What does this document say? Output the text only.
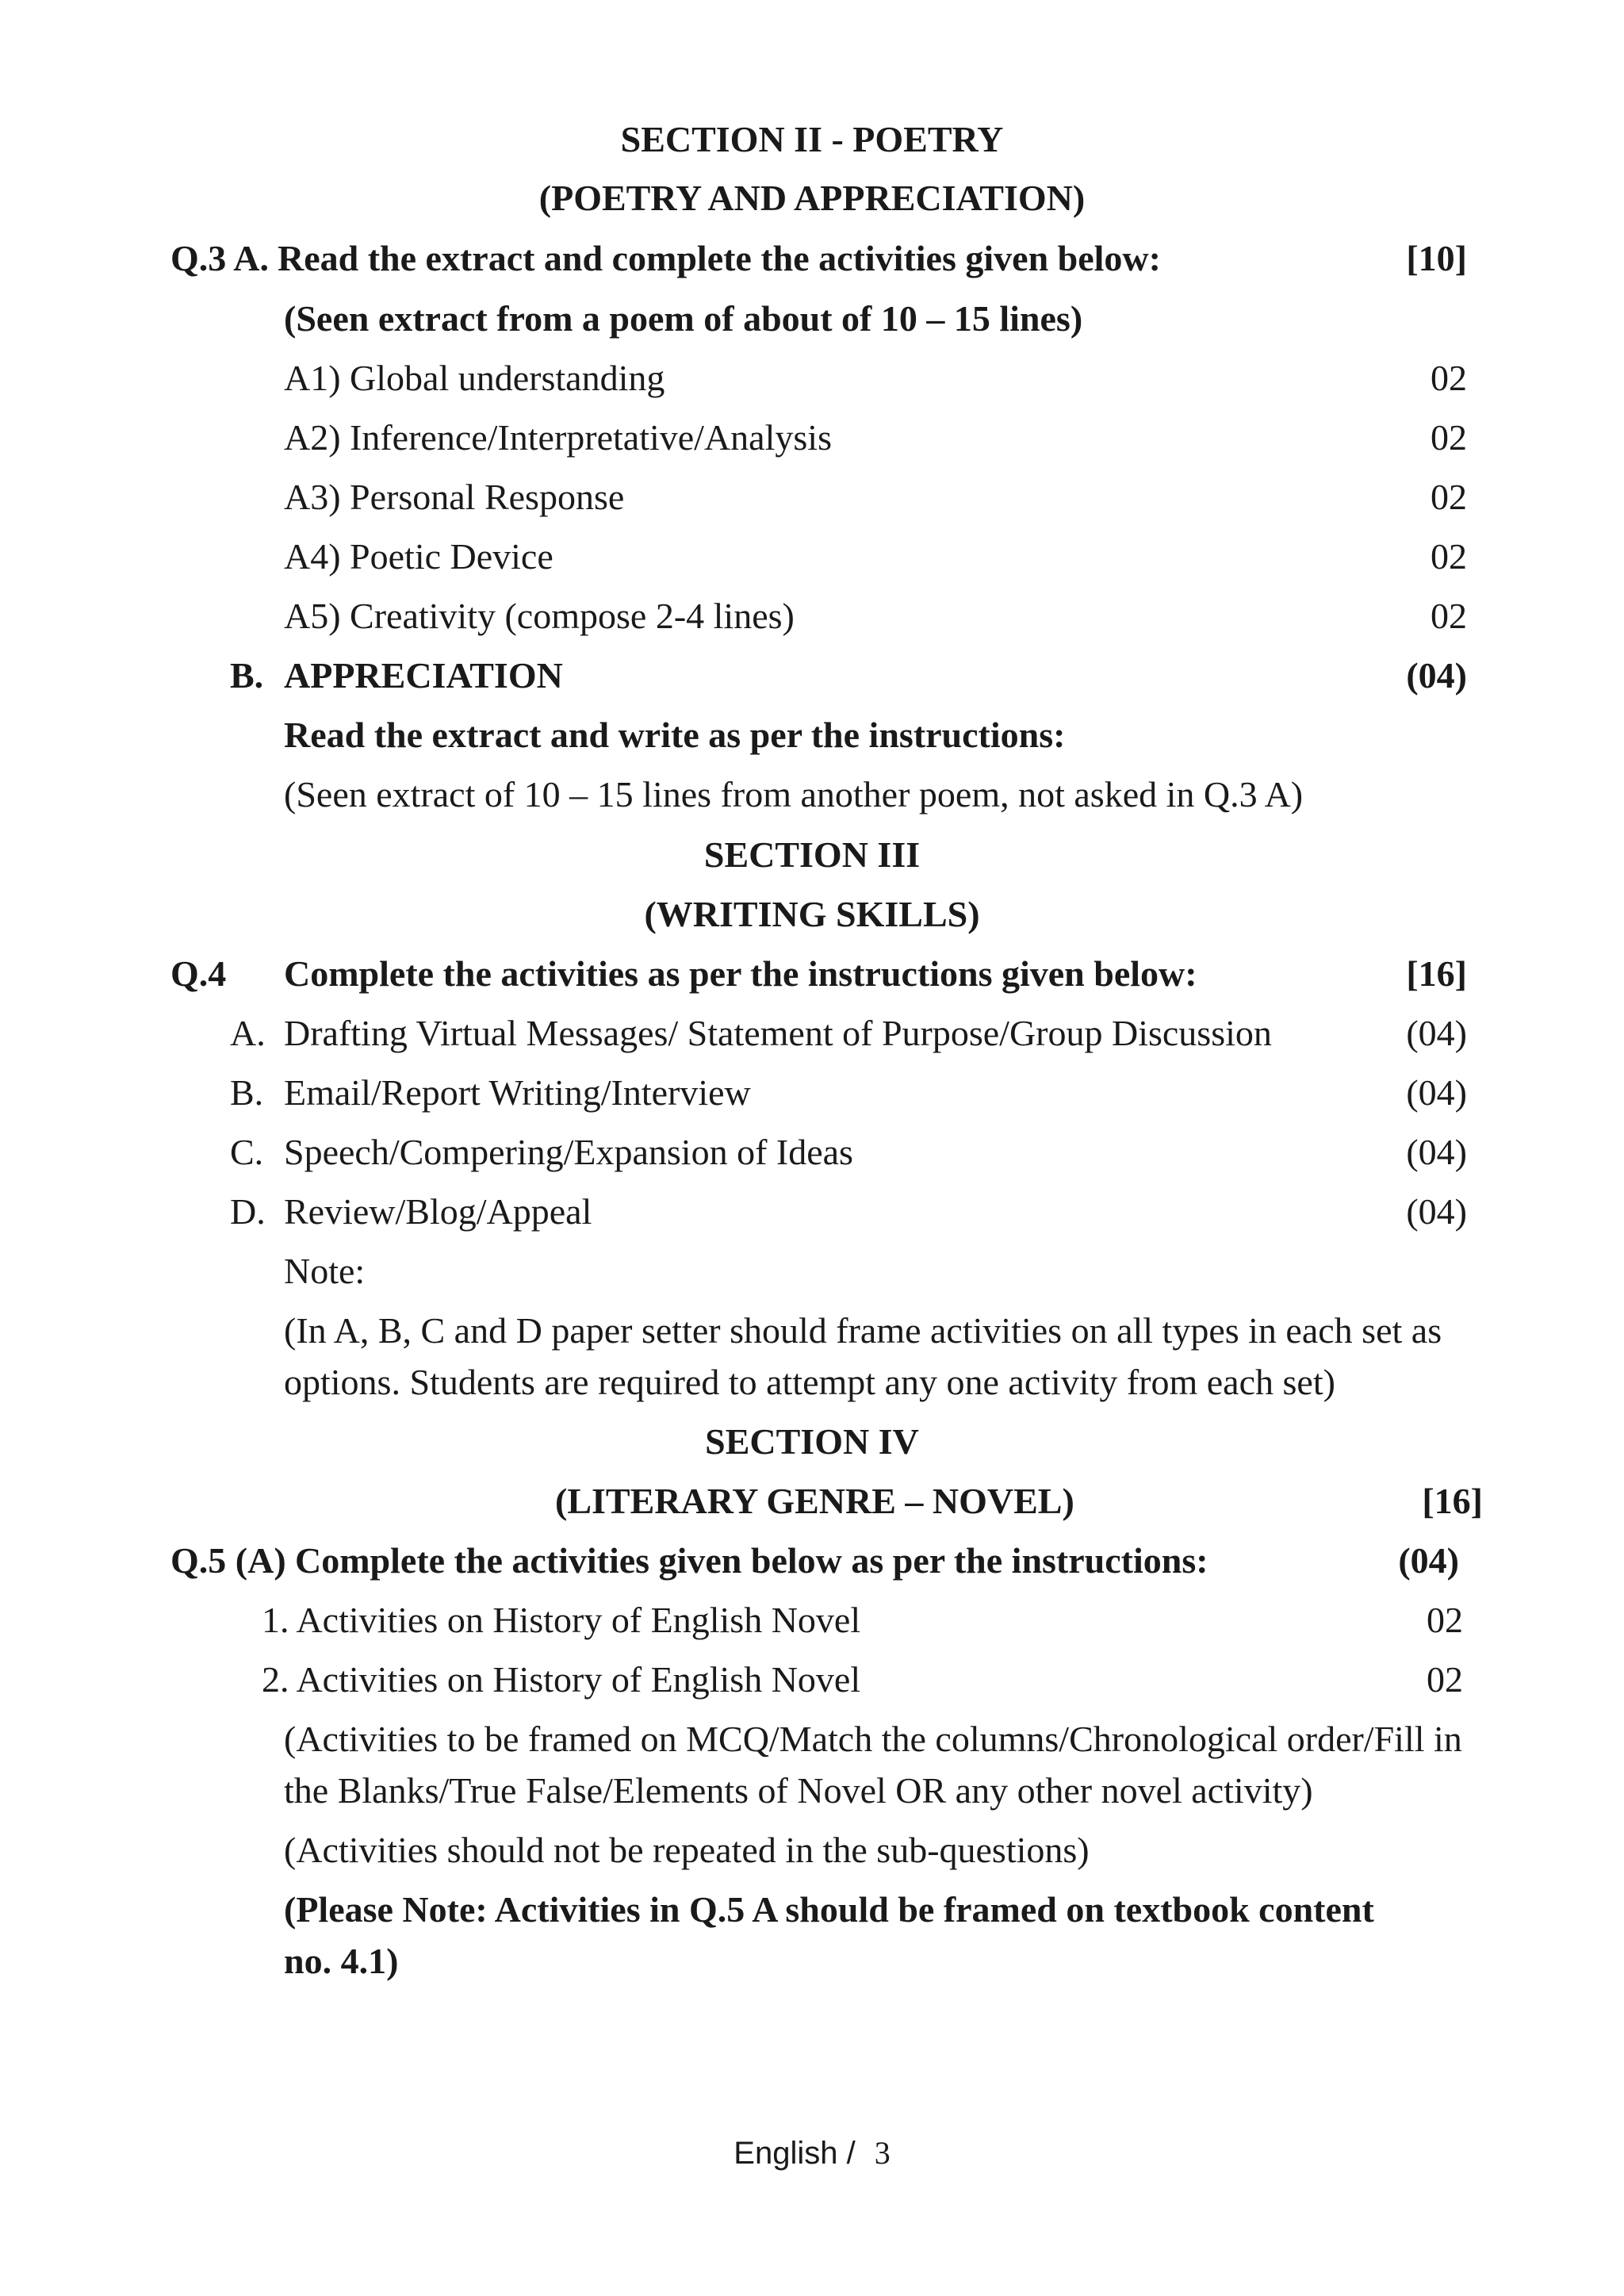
SECTION II - POETRY
(POETRY AND APPRECIATION)
Q.3 A. Read the extract and complete the activities given below:	[10]
(Seen extract from a poem of about of 10 – 15 lines)
A1) Global understanding	02
A2) Inference/Interpretative/Analysis	02
A3) Personal Response	02
A4) Poetic Device	02
A5) Creativity (compose 2-4 lines)	02
B. APPRECIATION	(04)
Read the extract and write as per the instructions:
(Seen extract of 10 – 15 lines from another poem, not asked in Q.3 A)
SECTION III
(WRITING SKILLS)
Q.4 Complete the activities as per the instructions given below:	[16]
A. Drafting Virtual Messages/ Statement of Purpose/Group Discussion	(04)
B. Email/Report Writing/Interview	(04)
C. Speech/Compering/Expansion of Ideas	(04)
D. Review/Blog/Appeal	(04)
Note:
(In A, B, C and D paper setter should frame activities on all types in each set as
options. Students are required to attempt any one activity from each set)
SECTION IV
(LITERARY GENRE – NOVEL)	[16]
Q.5 (A) Complete the activities given below as per the instructions:	(04)
1. Activities on History of English Novel	02
2. Activities on History of English Novel	02
(Activities to be framed on MCQ/Match the columns/Chronological order/Fill in
the Blanks/True False/Elements of Novel OR any other novel activity)
(Activities should not be repeated in the sub-questions)
(Please Note: Activities in Q.5 A should be framed on textbook content
no. 4.1)
English / 3
